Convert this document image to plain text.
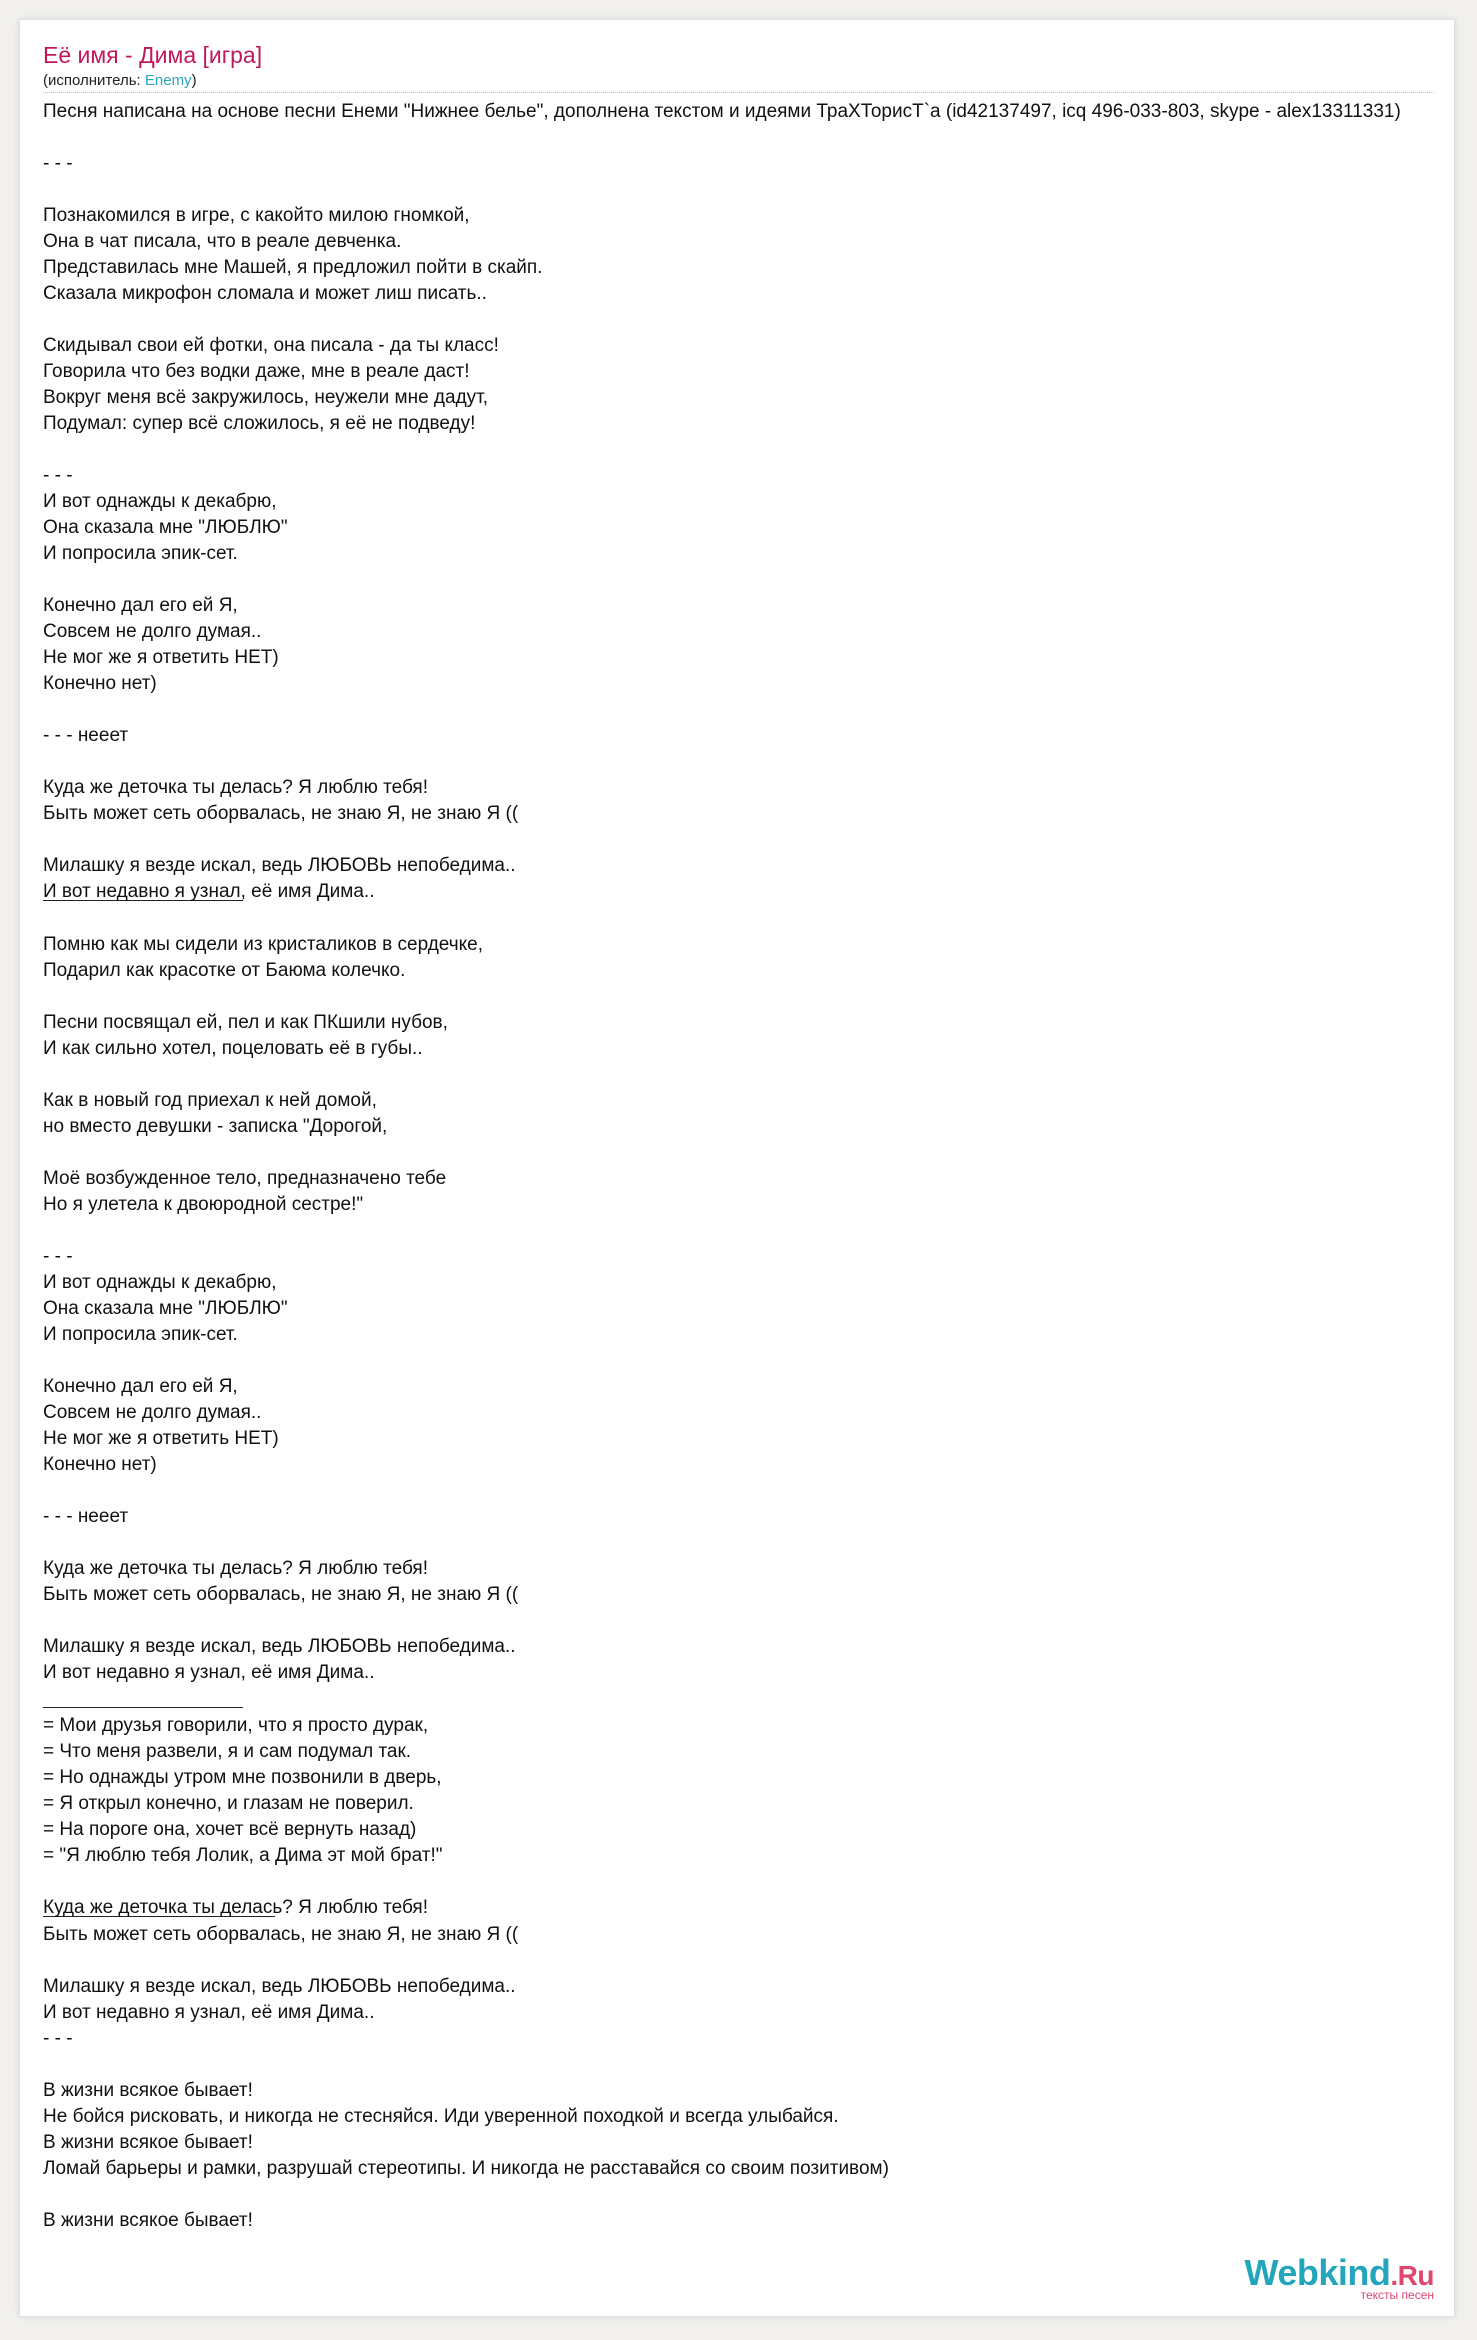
Её имя - Дима [игра]
(исполнитель: Enemy)
Песня написана на основе песни Енеми "Нижнее белье", дополнена текстом и идеями ТраХТорисТ`а (id42137497, icq 496-033-803, skype - alex13311331)
- - -
Познакомился в игре, с какойто милою гномкой,
Она в чат писала, что в реале девченка.
Представилась мне Машей, я предложил пойти в скайп.
Сказала микрофон сломала и может лиш писать..
Скидывал свои ей фотки, она писала - да ты класс!
Говорила что без водки даже, мне в реале даст!
Вокруг меня всё закружилось, неужели мне дадут,
Подумал: супер всё сложилось, я её не подведу!
- - -
И вот однажды к декабрю,
Она сказала мне "ЛЮБЛЮ"
И попросила эпик-сет.
Конечно дал его ей Я,
Совсем не долго думая..
Не мог же я ответить НЕТ)
Конечно нет)
- - - нееет
Куда же деточка ты делась? Я люблю тебя!
Быть может сеть оборвалась, не знаю Я, не знаю Я ((
Милашку я везде искал, ведь ЛЮБОВЬ непобедима..
И вот недавно я узнал, её имя Дима..
Помню как мы сидели из кристаликов в сердечке,
Подарил как красотке от Баюма колечко.
Песни посвящал ей, пел и как ПКшили нубов,
И как сильно хотел, поцеловать её в губы..
Как в новый год приехал к ней домой,
но вместо девушки - записка "Дорогой,
Моё возбужденное тело, предназначено тебе
Но я улетела к двоюродной сестре!"
- - -
И вот однажды к декабрю,
Она сказала мне "ЛЮБЛЮ"
И попросила эпик-сет.
Конечно дал его ей Я,
Совсем не долго думая..
Не мог же я ответить НЕТ)
Конечно нет)
- - - нееет
Куда же деточка ты делась? Я люблю тебя!
Быть может сеть оборвалась, не знаю Я, не знаю Я ((
Милашку я везде искал, ведь ЛЮБОВЬ непобедима..
И вот недавно я узнал, её имя Дима..
= Мои друзья говорили, что я просто дурак,
= Что меня развели, я и сам подумал так.
= Но однажды утром мне позвонили в дверь,
= Я открыл конечно, и глазам не поверил.
= На пороге она, хочет всё вернуть назад)
= "Я люблю тебя Лолик, а Дима эт мой брат!"
Куда же деточка ты делась? Я люблю тебя!
Быть может сеть оборвалась, не знаю Я, не знаю Я ((
Милашку я везде искал, ведь ЛЮБОВЬ непобедима..
И вот недавно я узнал, её имя Дима..
- - -
В жизни всякое бывает!
Не бойся рисковать, и никогда не стесняйся. Иди уверенной походкой и всегда улыбайся.
В жизни всякое бывает!
Ломай барьеры и рамки, разрушай стереотипы. И никогда не расставайся со своим позитивом)
В жизни всякое бывает!
Webkind.Ru
тексты песен
